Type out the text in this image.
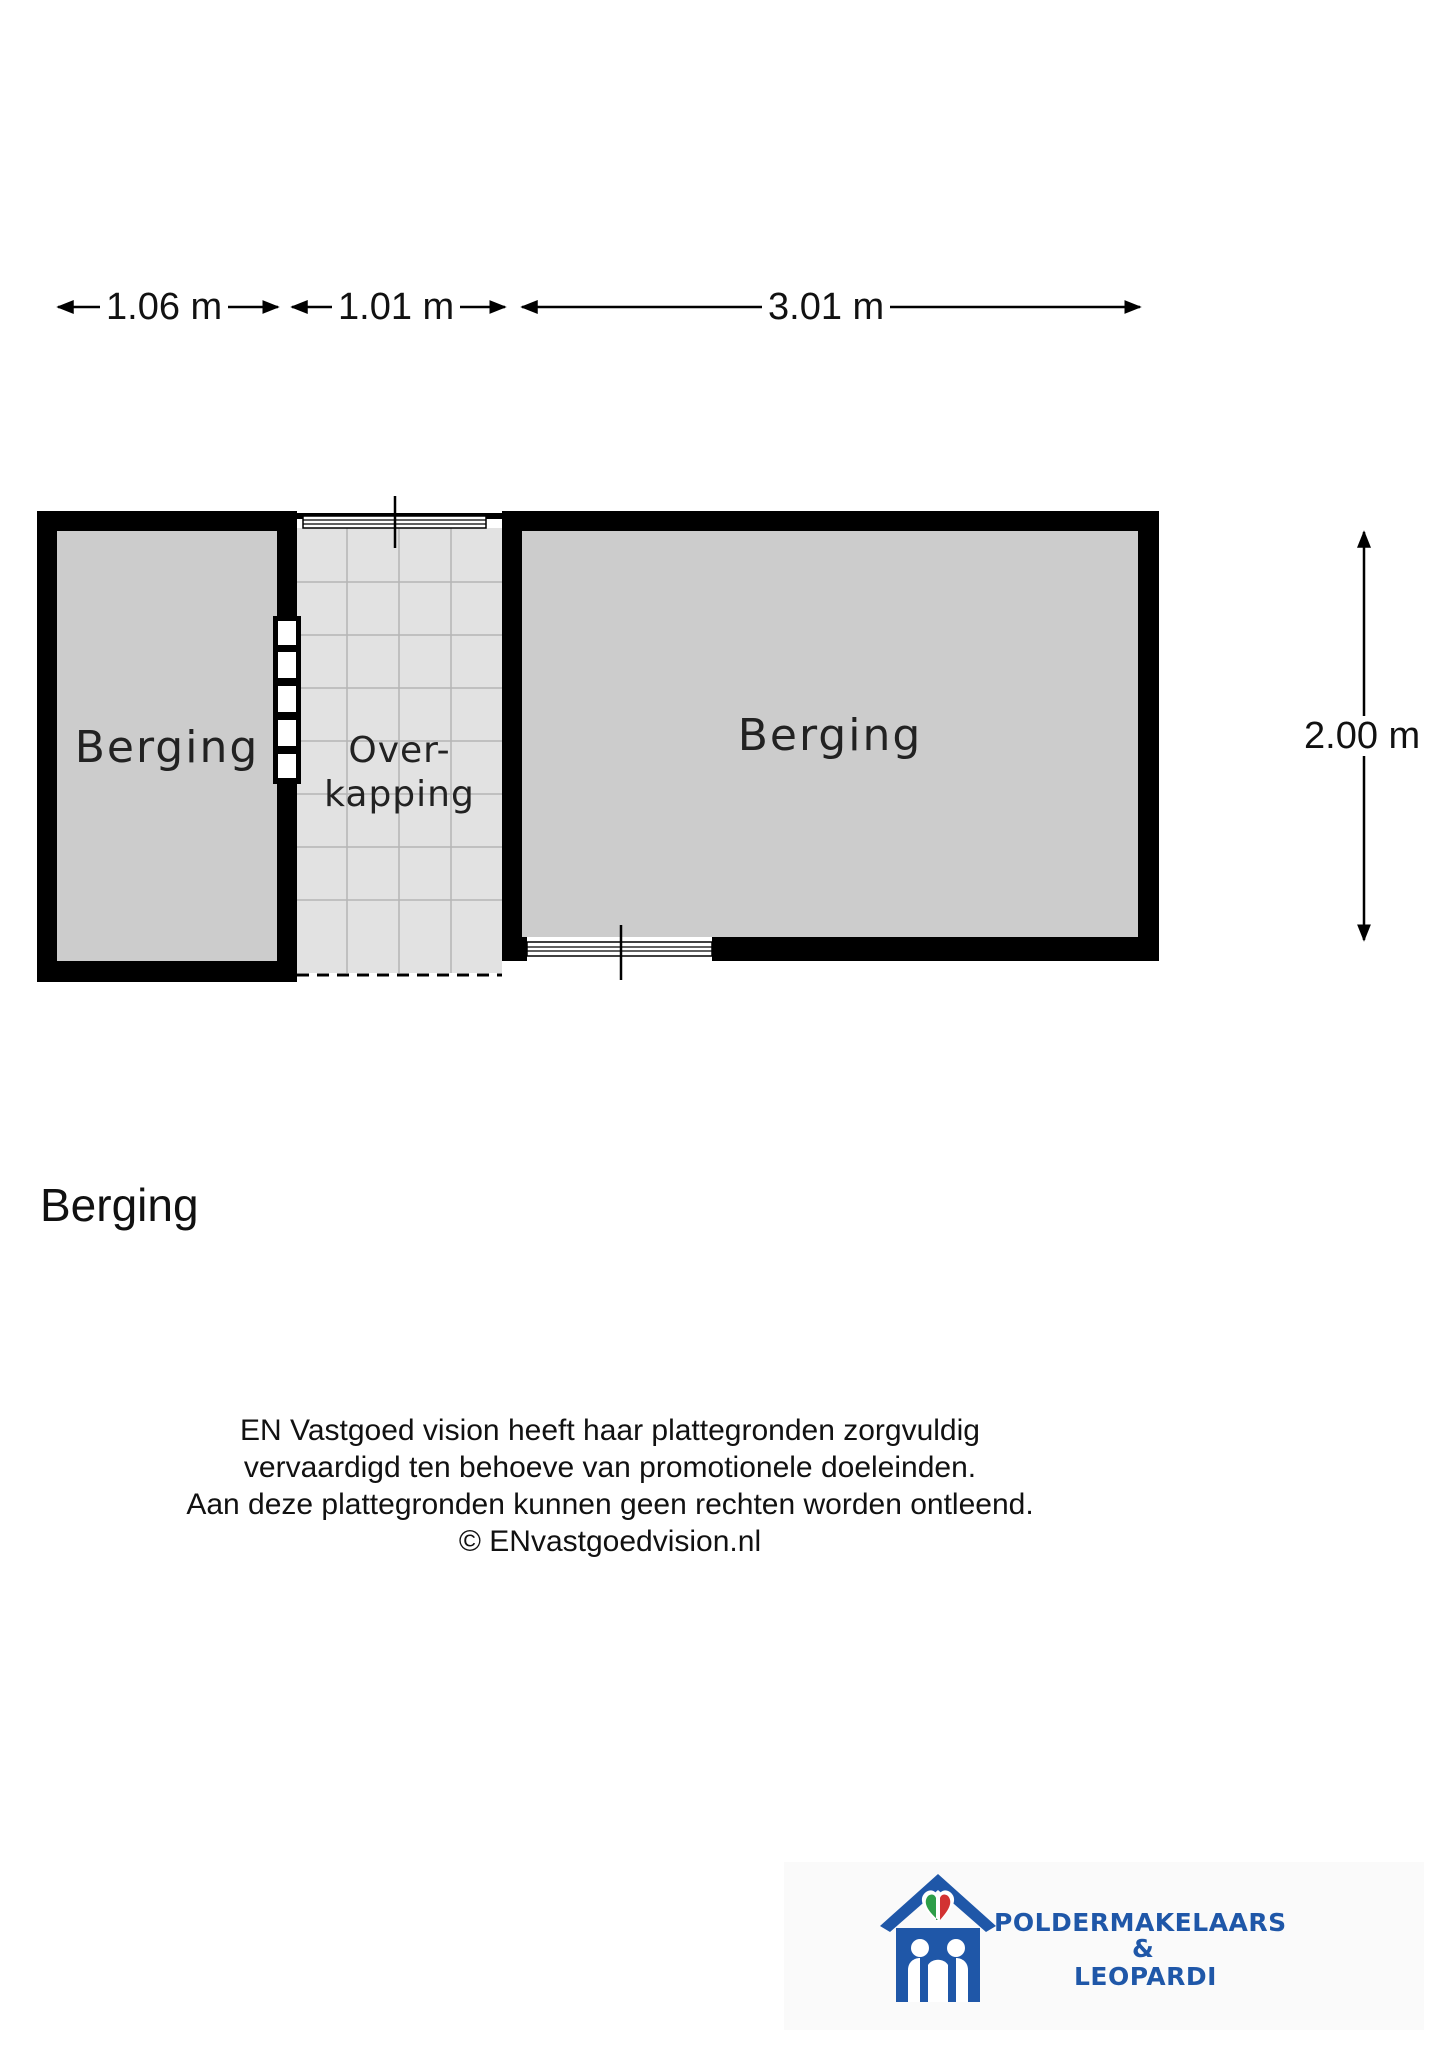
1.06 m	1.01 m	3.01 m
2.00 m
Berging	Over-
kapping
Berging
Berging
EN Vastgoed vision heeft haar plattegronden zorgvuldig
vervaardigd ten behoeve van promotionele doeleinden.
Aan deze plattegronden kunnen geen rechten worden ontleend.
© ENvastgoedvision.nl
POLDERMAKELAARS
&
LEOPARDI
